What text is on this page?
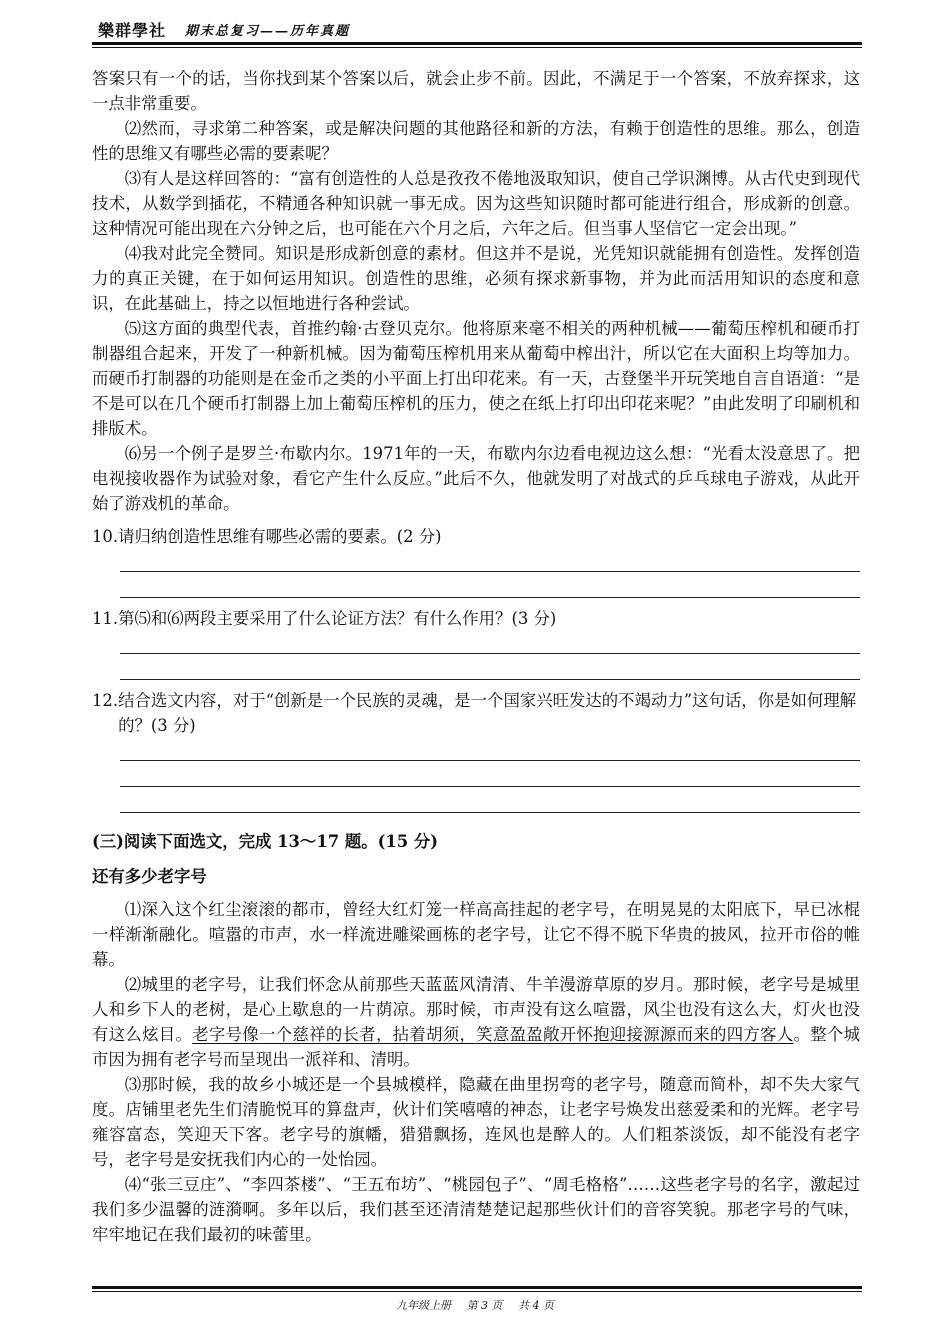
樂群學社 期末总复习——历年真题

答案只有一个的话，当你找到某个答案以后，就会止步不前。因此，不满足于一个答案，不放弃探求，这一点非常重要。

⑵然而，寻求第二种答案，或是解决问题的其他路径和新的方法，有赖于创造性的思维。那么，创造性的思维又有哪些必需的要素呢？

⑶有人是这样回答的：“富有创造性的人总是孜孜不倦地汲取知识，使自己学识渊博。从古代史到现代技术，从数学到插花，不精通各种知识就一事无成。因为这些知识随时都可能进行组合，形成新的创意。这种情况可能出现在六分钟之后，也可能在六个月之后，六年之后。但当事人坚信它一定会出现。”

⑷我对此完全赞同。知识是形成新创意的素材。但这并不是说，光凭知识就能拥有创造性。发挥创造力的真正关键，在于如何运用知识。创造性的思维，必须有探求新事物，并为此而活用知识的态度和意识，在此基础上，持之以恒地进行各种尝试。

⑸这方面的典型代表，首推约翰·古登贝克尔。他将原来毫不相关的两种机械——葡萄压榨机和硬币打制器组合起来，开发了一种新机械。因为葡萄压榨机用来从葡萄中榨出汁，所以它在大面积上均等加力。而硬币打制器的功能则是在金币之类的小平面上打出印花来。有一天，古登堡半开玩笑地自言自语道：“是不是可以在几个硬币打制器上加上葡萄压榨机的压力，使之在纸上打印出印花来呢？”由此发明了印刷机和排版术。

⑹另一个例子是罗兰·布歇内尔。1971年的一天，布歇内尔边看电视边这么想：“光看太没意思了。把电视接收器作为试验对象，看它产生什么反应。”此后不久，他就发明了对战式的乒乓球电子游戏，从此开始了游戏机的革命。

10. 请归纳创造性思维有哪些必需的要素。(2 分)
11. 第⑸和⑹两段主要采用了什么论证方法？有什么作用？(3 分)
12. 结合选文内容，对于“创新是一个民族的灵魂，是一个国家兴旺发达的不竭动力”这句话，你是如何理解的？(3 分)

(三)阅读下面选文，完成 13～17 题。(15 分)

还有多少老字号

⑴深入这个红尘滚滚的都市，曾经大红灯笼一样高高挂起的老字号，在明晃晃的太阳底下，早已冰棍一样渐渐融化。喧嚣的市声，水一样流进雕梁画栋的老字号，让它不得不脱下华贵的披风，拉开市俗的帷幕。

⑵城里的老字号，让我们怀念从前那些天蓝蓝风清清、牛羊漫游草原的岁月。那时候，老字号是城里人和乡下人的老树，是心上歇息的一片荫凉。那时候，市声没有这么喧嚣，风尘也没有这么大，灯火也没有这么炫目。老字号像一个慈祥的长者，拈着胡须，笑意盈盈敞开怀抱迎接源源而来的四方客人。整个城市因为拥有老字号而呈现出一派祥和、清明。

⑶那时候，我的故乡小城还是一个县城模样，隐藏在曲里拐弯的老字号，随意而简朴，却不失大家气度。店铺里老先生们清脆悦耳的算盘声，伙计们笑嘻嘻的神态，让老字号焕发出慈爱柔和的光辉。老字号雍容富态，笑迎天下客。老字号的旗幡，猎猎飘扬，连风也是醉人的。人们粗茶淡饭，却不能没有老字号，老字号是安抚我们内心的一处怡园。

⑷“张三豆庄”、“李四茶楼”、“王五布坊”、“桃园包子”、“周毛格格”……这些老字号的名字，激起过我们多少温馨的涟漪啊。多年以后，我们甚至还清清楚楚记起那些伙计们的音容笑貌。那老字号的气味，牢牢地记在我们最初的味蕾里。

九年级上册 第 3 页 共 4 页
